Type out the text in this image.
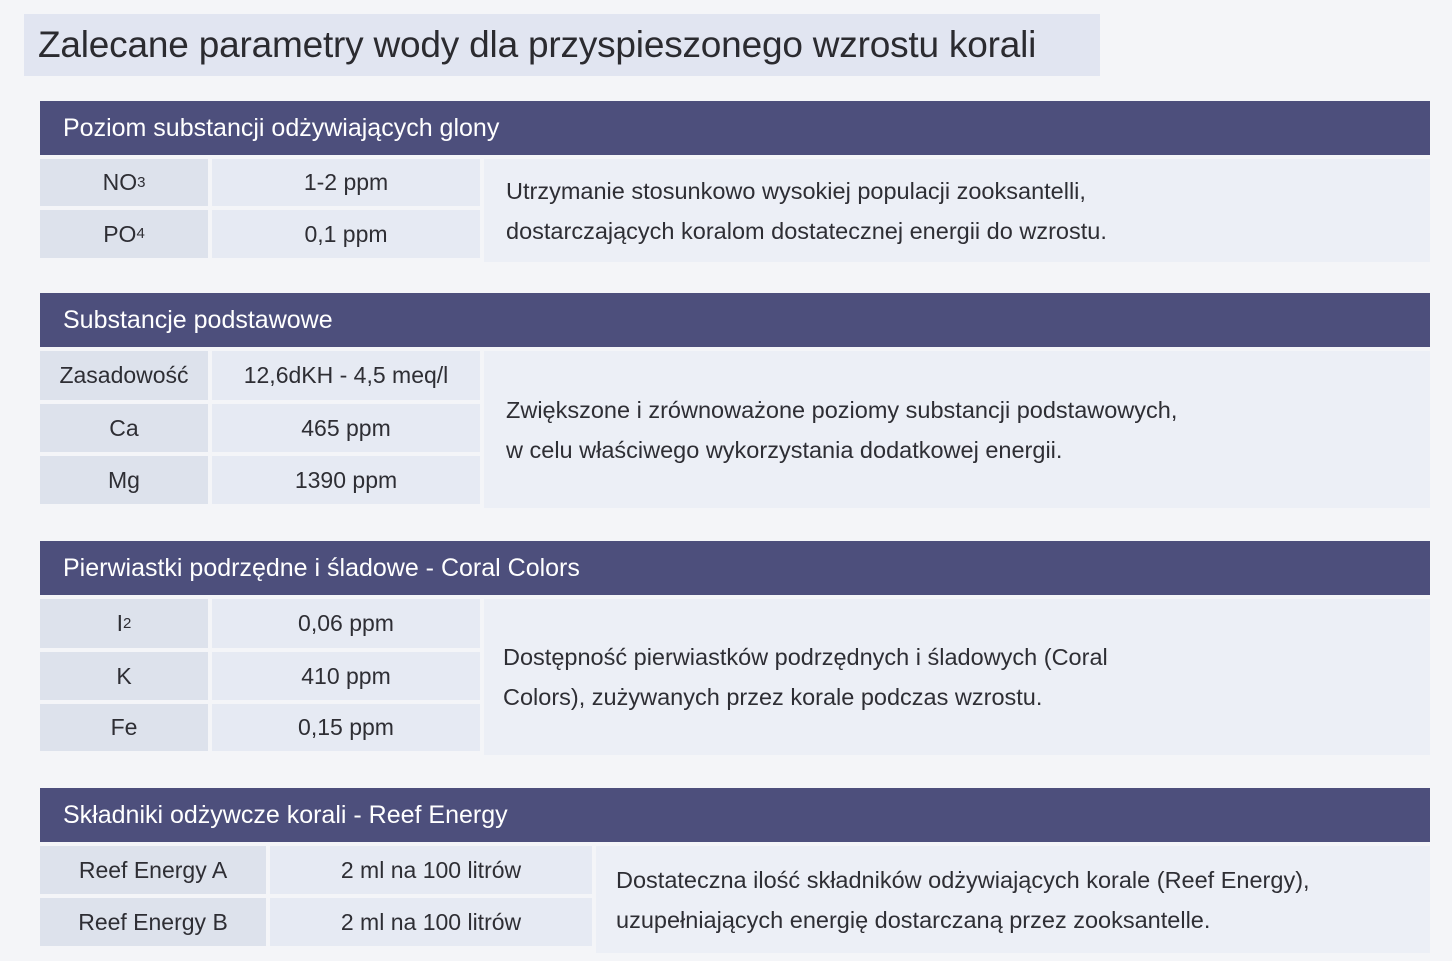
Zalecane parametry wody dla przyspieszonego wzrostu korali
Poziom substancji odżywiających glony
NO 3	1-2 ppm
PO 4	0,1 ppm
Utrzymanie stosunkowo wysokiej populacji zooksantelli,
dostarczających koralom dostatecznej energii do wzrostu.
Substancje podstawowe
Zasadowość	12,6dKH - 4,5 meq/l
Ca	465 ppm
Mg	1390 ppm
Zwiększone i zrównoważone poziomy substancji podstawowych,
w celu właściwego wykorzystania dodatkowej energii.
Pierwiastki podrzędne i śladowe - Coral Colors
I 2	0,06 ppm
K	410 ppm
Fe	0,15 ppm
Dostępność pierwiastków podrzędnych i śladowych (Coral
Colors), zużywanych przez korale podczas wzrostu.
Składniki odżywcze korali - Reef Energy
Reef Energy A	2 ml na 100 litrów
Reef Energy B	2 ml na 100 litrów
Dostateczna ilość składników odżywiających korale (Reef Energy),
uzupełniających energię dostarczaną przez zooksantelle.
